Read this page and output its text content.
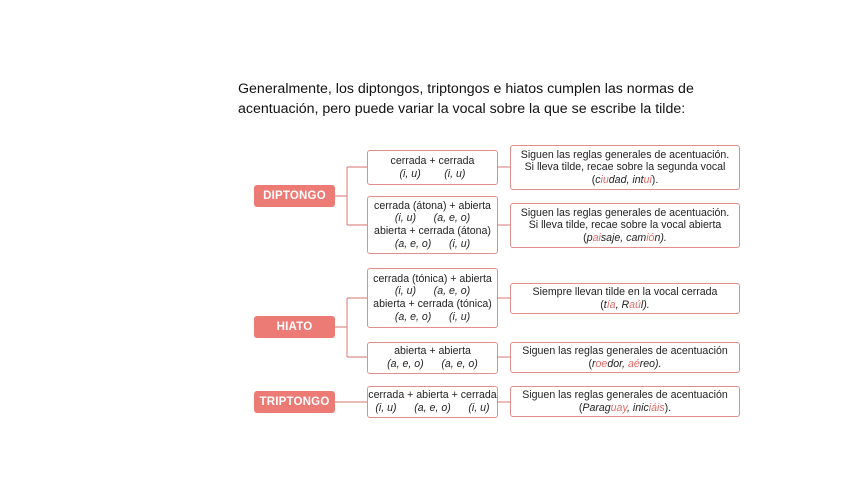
Generalmente, los diptongos, triptongos e hiatos cumplen las normas de
acentuación, pero puede variar la vocal sobre la que se escribe la tilde:
DIPTONGO
HIATO
TRIPTONGO
cerrada + cerrada
(i, u)        (i, u)
Siguen las reglas generales de acentuación.
Si lleva tilde, recae sobre la segunda vocal
(ciudad, intui).
cerrada (átona) + abierta
(i, u)      (a, e, o)
abierta + cerrada (átona)
(a, e, o)      (i, u)
Siguen las reglas generales de acentuación.
Si lleva tilde, recae sobre la vocal abierta
(paisaje, camión).
cerrada (tónica) + abierta
(i, u)      (a, e, o)
abierta + cerrada (tónica)
(a, e, o)      (i, u)
Siempre llevan tilde en la vocal cerrada
(tía, Raúl).
abierta + abierta
(a, e, o)      (a, e, o)
Siguen las reglas generales de acentuación
(roedor, aéreo).
cerrada + abierta + cerrada
(i, u)      (a, e, o)      (i, u)
Siguen las reglas generales de acentuación
(Paraguay, iniciáis).
